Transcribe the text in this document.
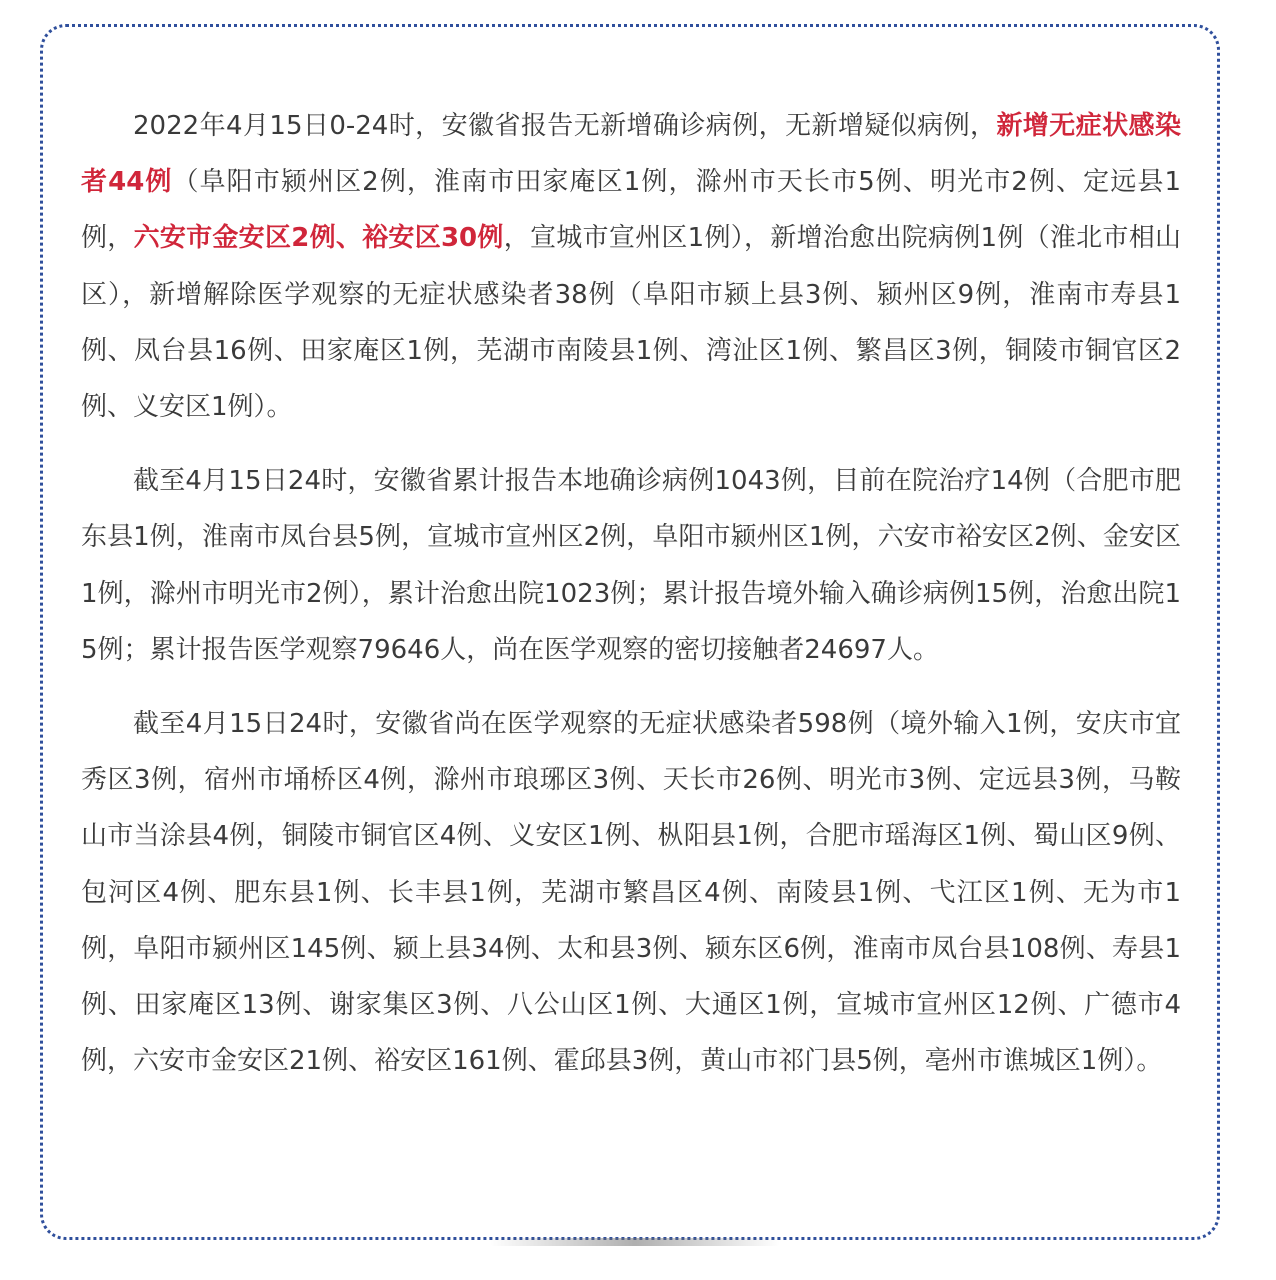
2022年4月15日0-24时，安徽省报告无新增确诊病例，无新增疑似病例，新增无症状感染者44例（阜阳市颍州区2例，淮南市田家庵区1例，滁州市天长市5例、明光市2例、定远县1例，六安市金安区2例、裕安区30例，宣城市宣州区1例），新增治愈出院病例1例（淮北市相山区），新增解除医学观察的无症状感染者38例（阜阳市颍上县3例、颍州区9例，淮南市寿县1例、凤台县16例、田家庵区1例，芜湖市南陵县1例、湾沚区1例、繁昌区3例，铜陵市铜官区2例、义安区1例）。

截至4月15日24时，安徽省累计报告本地确诊病例1043例，目前在院治疗14例（合肥市肥东县1例，淮南市凤台县5例，宣城市宣州区2例，阜阳市颍州区1例，六安市裕安区2例、金安区1例，滁州市明光市2例），累计治愈出院1023例；累计报告境外输入确诊病例15例，治愈出院15例；累计报告医学观察79646人，尚在医学观察的密切接触者24697人。

截至4月15日24时，安徽省尚在医学观察的无症状感染者598例（境外输入1例，安庆市宜秀区3例，宿州市埇桥区4例，滁州市琅琊区3例、天长市26例、明光市3例、定远县3例，马鞍山市当涂县4例，铜陵市铜官区4例、义安区1例、枞阳县1例，合肥市瑶海区1例、蜀山区9例、包河区4例、肥东县1例、长丰县1例，芜湖市繁昌区4例、南陵县1例、弋江区1例、无为市1例，阜阳市颍州区145例、颍上县34例、太和县3例、颍东区6例，淮南市凤台县108例、寿县1例、田家庵区13例、谢家集区3例、八公山区1例、大通区1例，宣城市宣州区12例、广德市4例，六安市金安区21例、裕安区161例、霍邱县3例，黄山市祁门县5例，亳州市谯城区1例）。
